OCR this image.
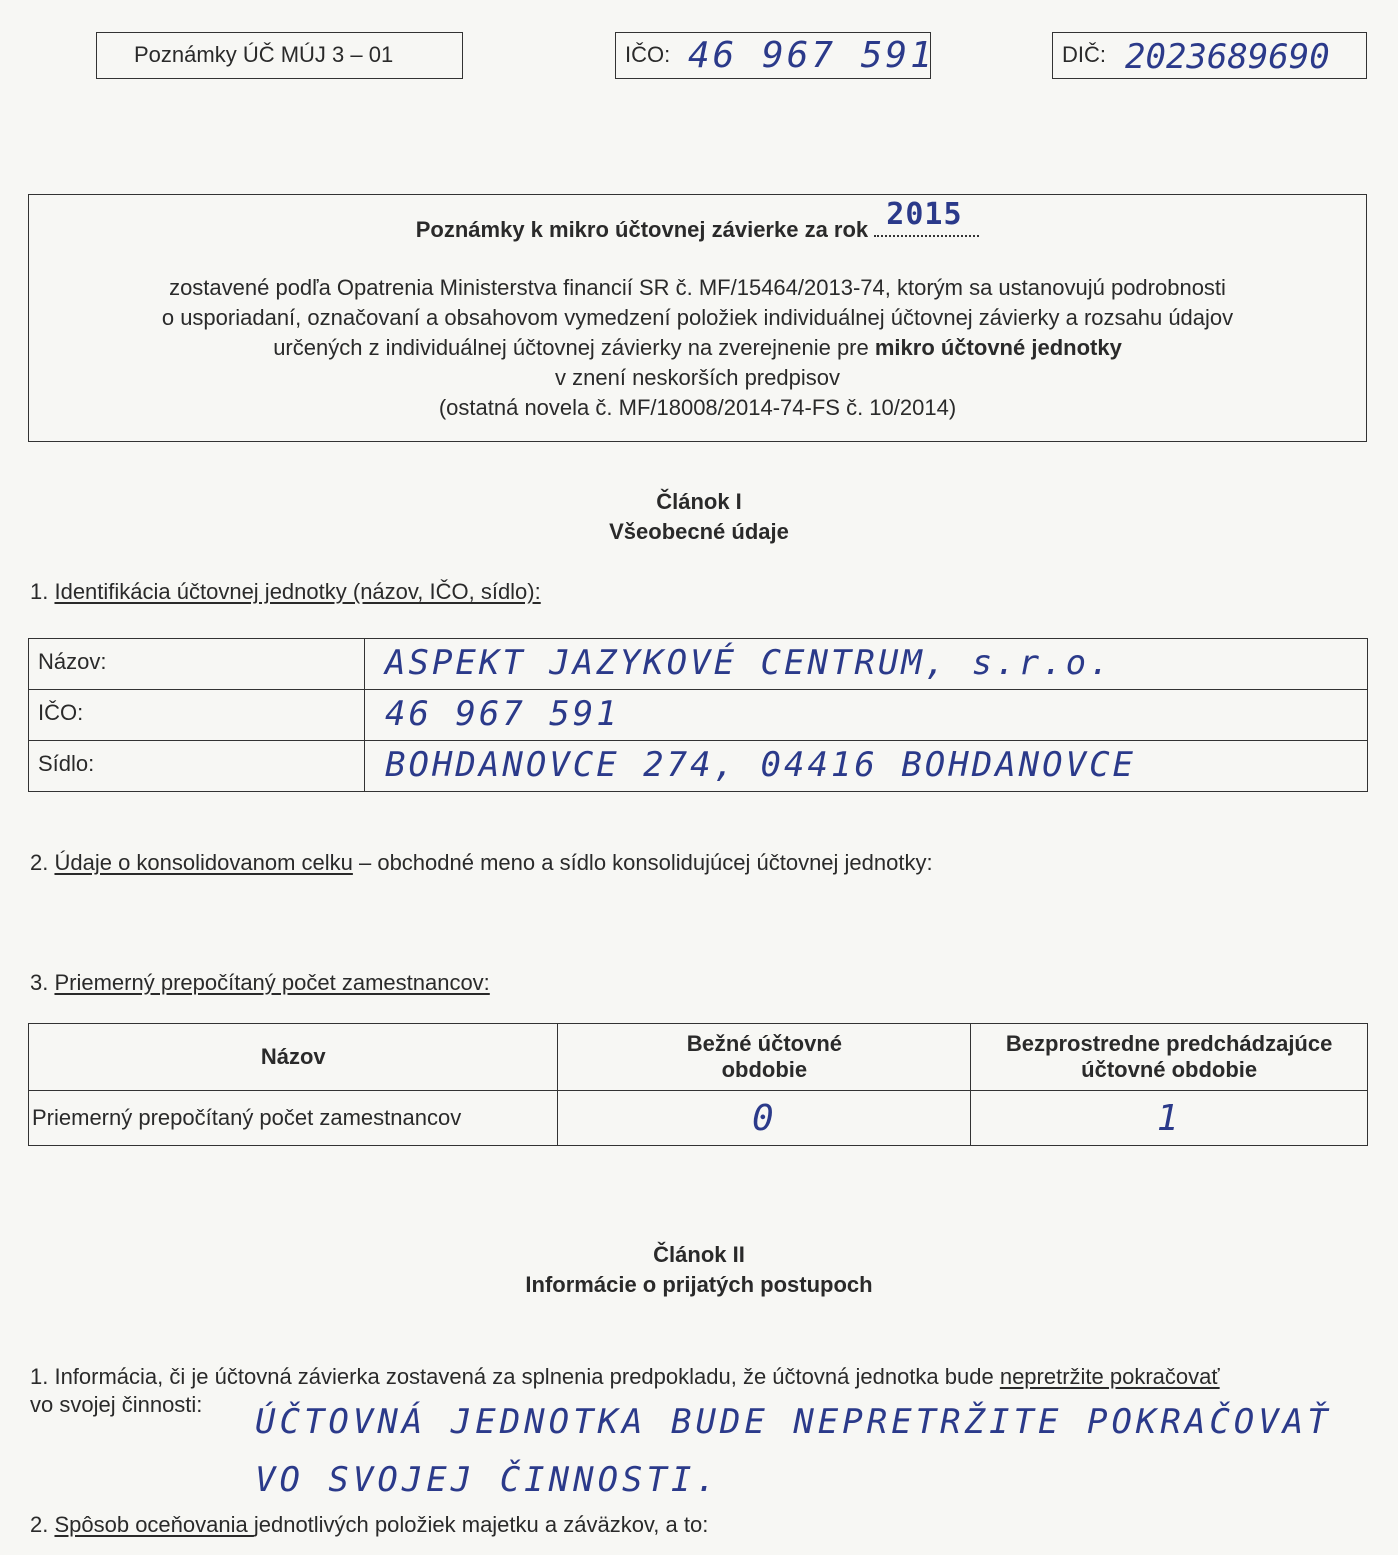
Poznámky ÚČ MÚJ 3 – 01	IČO: 46 967 591	DIČ: 2023689690
Poznámky k mikro účtovnej závierke za rok 2015
zostavené podľa Opatrenia Ministerstva financií SR č. MF/15464/2013-74, ktorým sa ustanovujú podrobnosti
o usporiadaní, označovaní a obsahovom vymedzení položiek individuálnej účtovnej závierky a rozsahu údajov
určených z individuálnej účtovnej závierky na zverejnenie pre mikro účtovné jednotky
v znení neskorších predpisov
(ostatná novela č. MF/18008/2014-74-FS č. 10/2014)
Článok I
Všeobecné údaje
1. Identifikácia účtovnej jednotky (názov, IČO, sídlo):
Názov:	ASPEKT JAZYKOVÉ CENTRUM, s.r.o.

IČO:	46 967 591

Sídlo:	BOHDANOVCE 274, 04416 BOHDANOVCE
2. Údaje o konsolidovanom celku – obchodné meno a sídlo konsolidujúcej účtovnej jednotky:
3. Priemerný prepočítaný počet zamestnancov:
Názov	Bežné účtovné obdobie	Bezprostredne predchádzajúce účtovné obdobie
Priemerný prepočítaný počet zamestnancov	0	1
Článok II
Informácie o prijatých postupoch
1. Informácia, či je účtovná závierka zostavená za splnenia predpokladu, že účtovná jednotka bude nepretržite pokračovať
vo svojej činnosti: ÚČTOVNÁ JEDNOTKA BUDE NEPRETRŽITE POKRAČOVAŤ
VO SVOJEJ ČINNOSTI.
2. Spôsob oceňovania jednotlivých položiek majetku a záväzkov, a to:
